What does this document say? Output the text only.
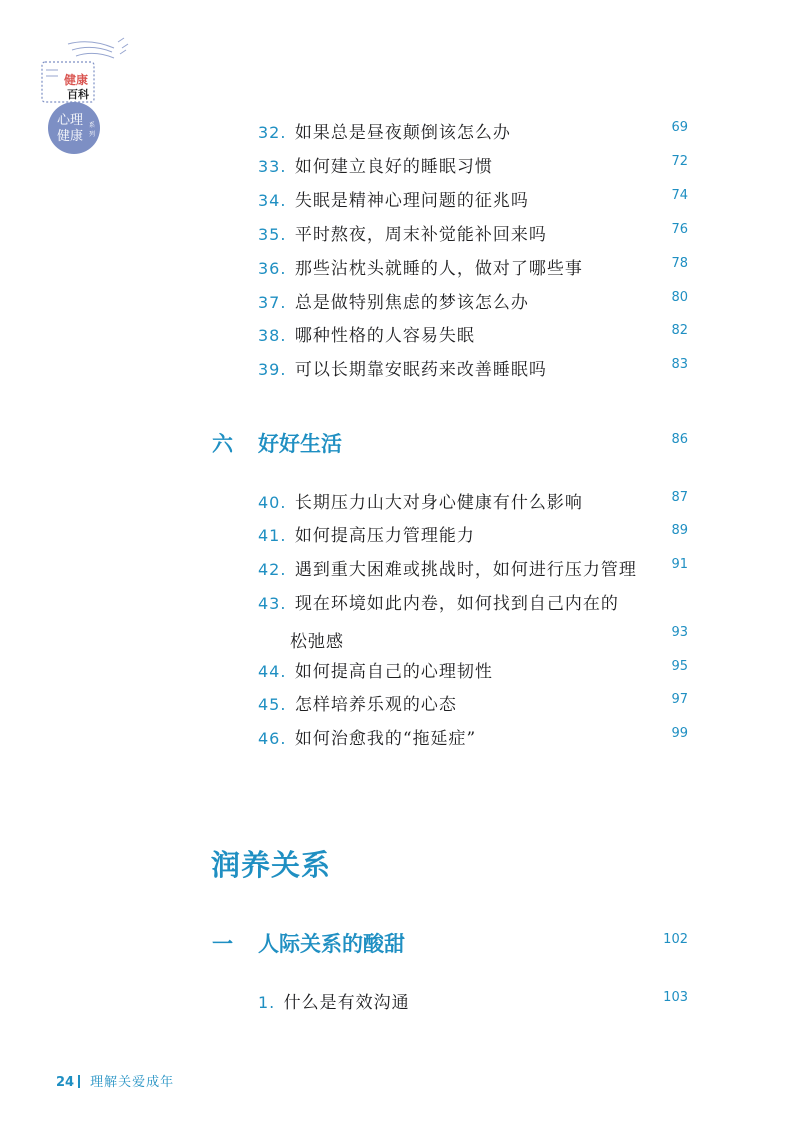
健康
百科
心理
健康
系
列	32. 如果总是昼夜颠倒该怎么办	69
33. 如何建立良好的睡眠习惯	72
34. 失眠是精神心理问题的征兆吗	74
35. 平时熬夜，周末补觉能补回来吗	76
36. 那些沾枕头就睡的人，做对了哪些事	78
37. 总是做特别焦虑的梦该怎么办	80
38. 哪种性格的人容易失眠	82
39. 可以长期靠安眠药来改善睡眠吗	83
六 好好生活	86
40. 长期压力山大对身心健康有什么影响	87
41. 如何提高压力管理能力	89
42. 遇到重大困难或挑战时，如何进行压力管理	91
43. 现在环境如此内卷，如何找到自己内在的
松弛感	93
44. 如何提高自己的心理韧性	95
45. 怎样培养乐观的心态	97
46. 如何治愈我的“拖延症”	99
润养关系
一 人际关系的酸甜	102
1. 什么是有效沟通	103
24 理解关爱成年
